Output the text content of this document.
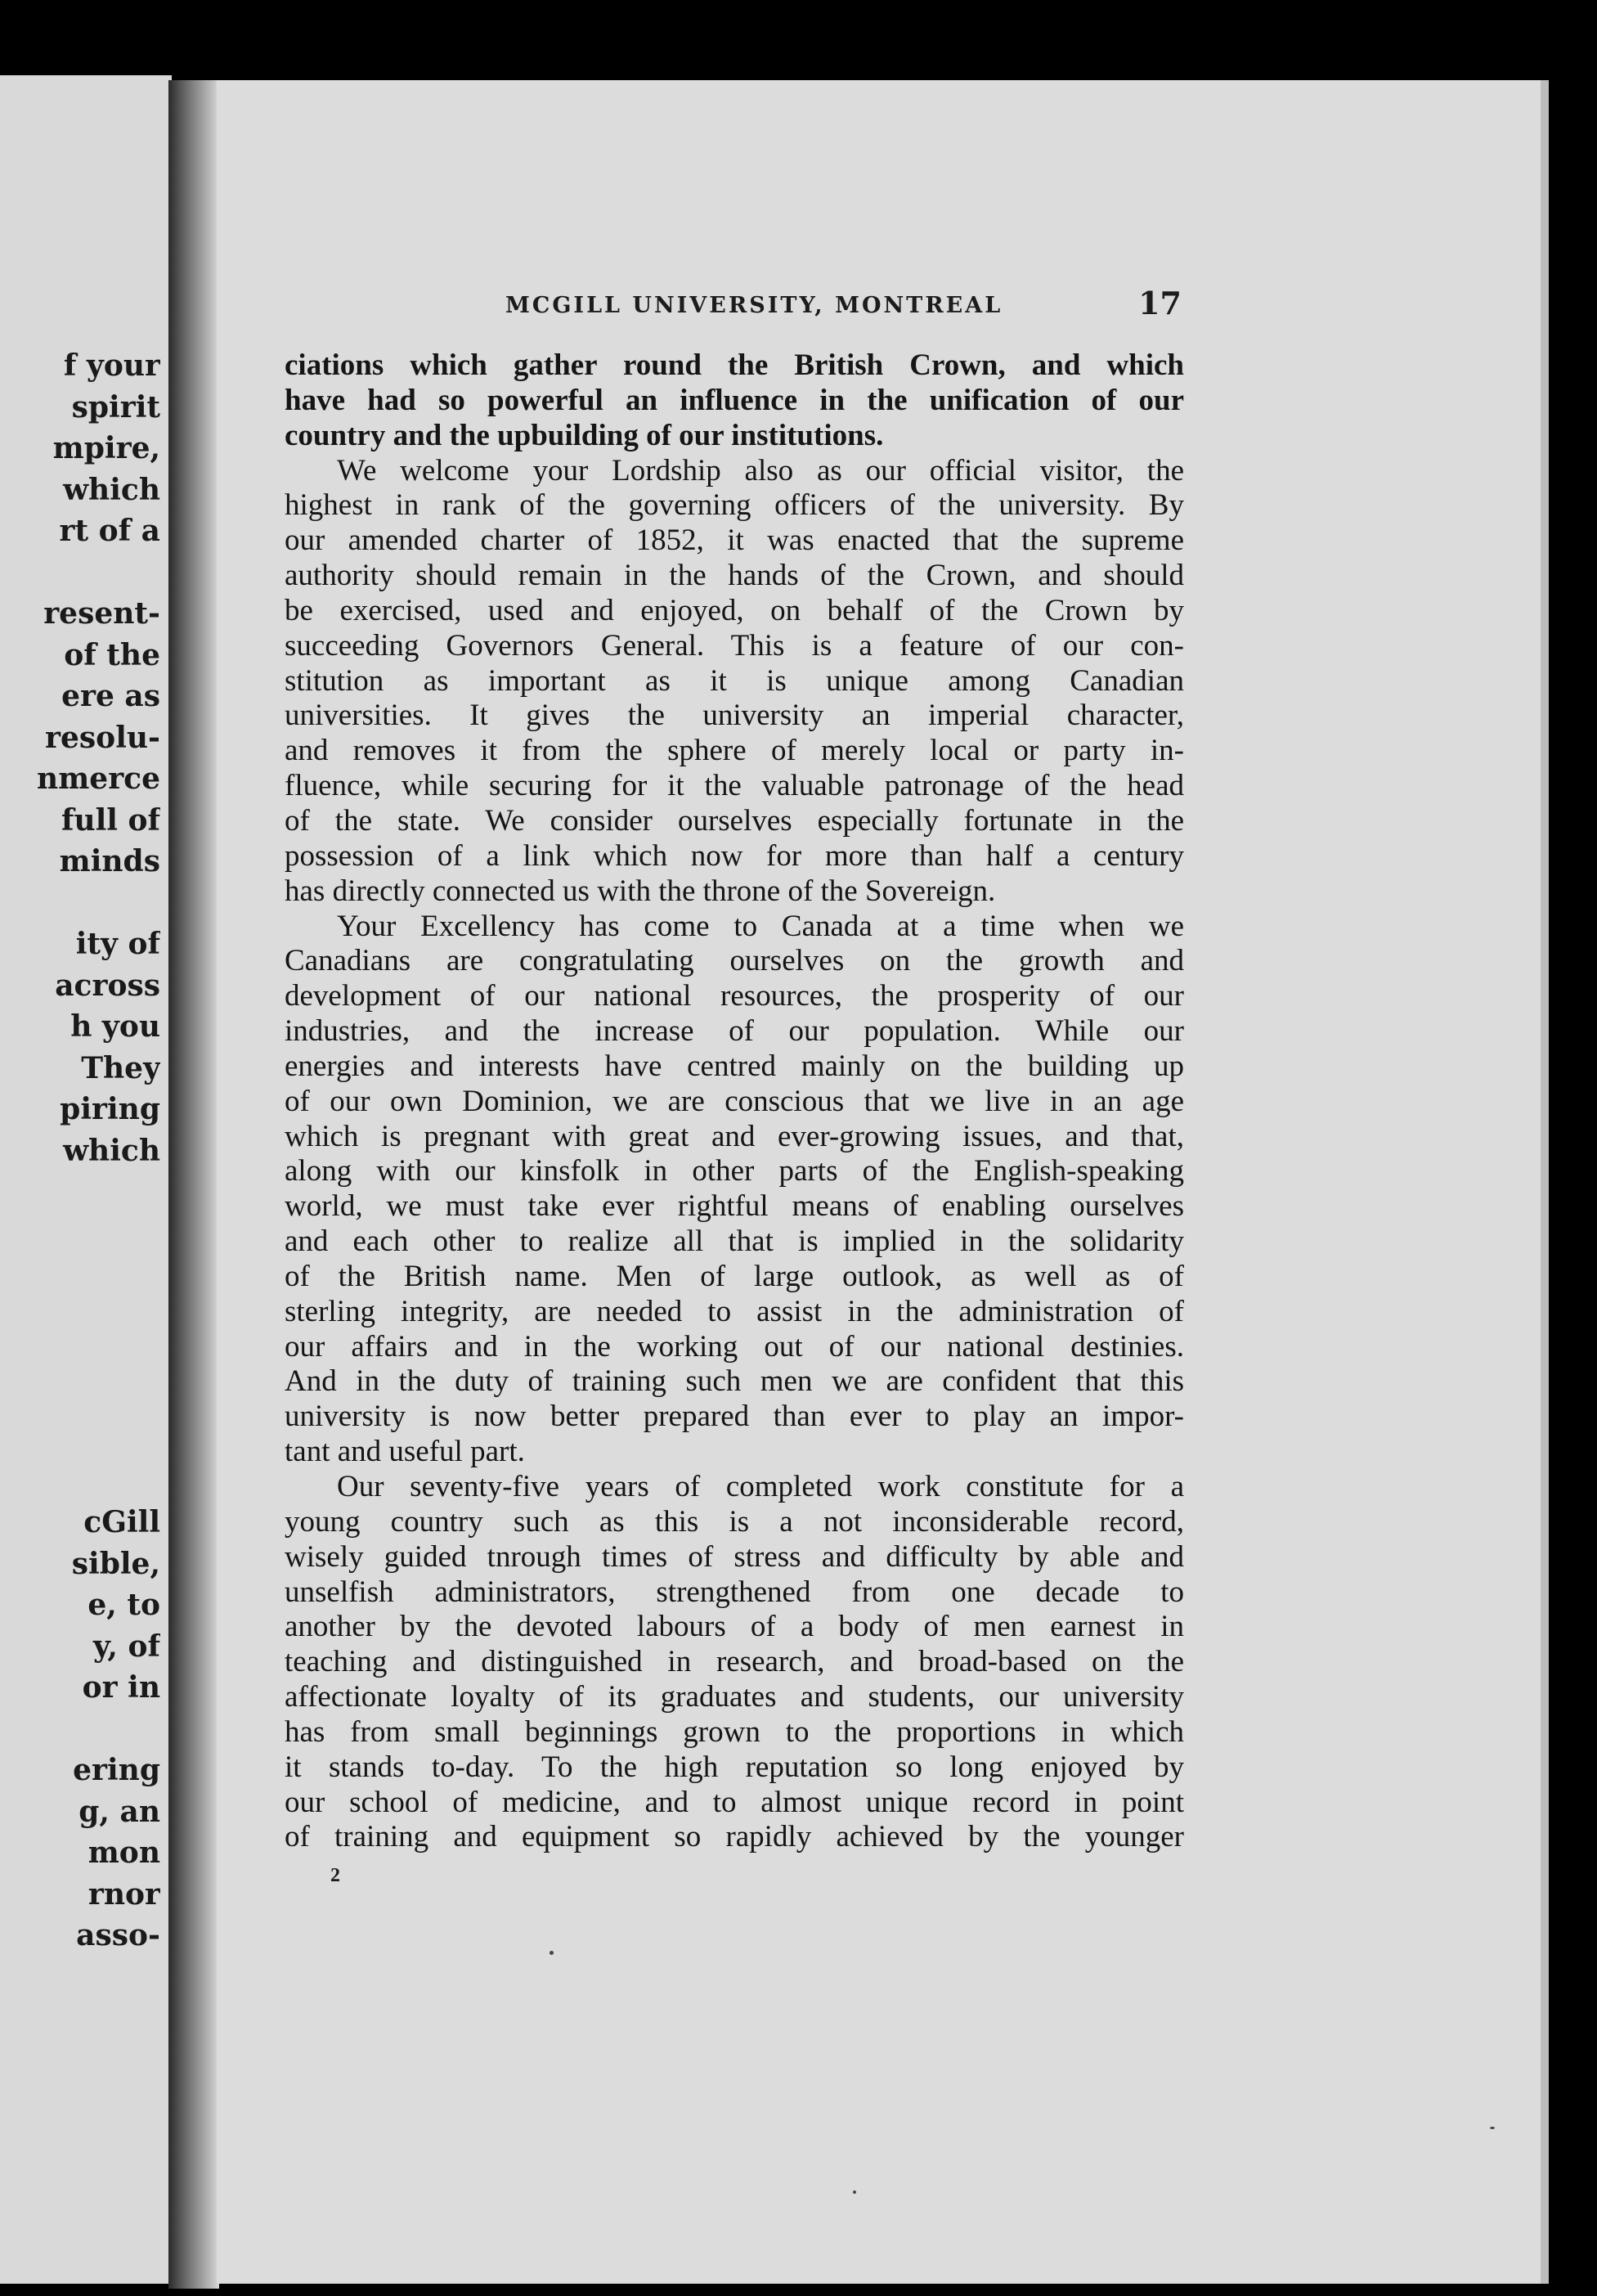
f your
spirit
mpire,
which
rt of a
resent-
of the
ere as
resolu-
nmerce
full of
minds
ity of
across
h you
They
piring
which
cGill
sible,
e, to
y, of
or in
ering
g, an
mon
rnor
asso-
MCGILL UNIVERSITY, MONTREAL	17
ciations which gather round the British Crown, and which
have had so powerful an influence in the unification of our
country and the upbuilding of our institutions.
We welcome your Lordship also as our official visitor, the
highest in rank of the governing officers of the university. By
our amended charter of 1852, it was enacted that the supreme
authority should remain in the hands of the Crown, and should
be exercised, used and enjoyed, on behalf of the Crown by
succeeding Governors General. This is a feature of our con-
stitution as important as it is unique among Canadian
universities. It gives the university an imperial character,
and removes it from the sphere of merely local or party in-
fluence, while securing for it the valuable patronage of the head
of the state. We consider ourselves especially fortunate in the
possession of a link which now for more than half a century
has directly connected us with the throne of the Sovereign.
Your Excellency has come to Canada at a time when we
Canadians are congratulating ourselves on the growth and
development of our national resources, the prosperity of our
industries, and the increase of our population. While our
energies and interests have centred mainly on the building up
of our own Dominion, we are conscious that we live in an age
which is pregnant with great and ever-growing issues, and that,
along with our kinsfolk in other parts of the English-speaking
world, we must take ever rightful means of enabling ourselves
and each other to realize all that is implied in the solidarity
of the British name. Men of large outlook, as well as of
sterling integrity, are needed to assist in the administration of
our affairs and in the working out of our national destinies.
And in the duty of training such men we are confident that this
university is now better prepared than ever to play an impor-
tant and useful part.
Our seventy-five years of completed work constitute for a
young country such as this is a not inconsiderable record,
wisely guided tnrough times of stress and difficulty by able and
unselfish administrators, strengthened from one decade to
another by the devoted labours of a body of men earnest in
teaching and distinguished in research, and broad-based on the
affectionate loyalty of its graduates and students, our university
has from small beginnings grown to the proportions in which
it stands to-day. To the high reputation so long enjoyed by
our school of medicine, and to almost unique record in point
of training and equipment so rapidly achieved by the younger
2
